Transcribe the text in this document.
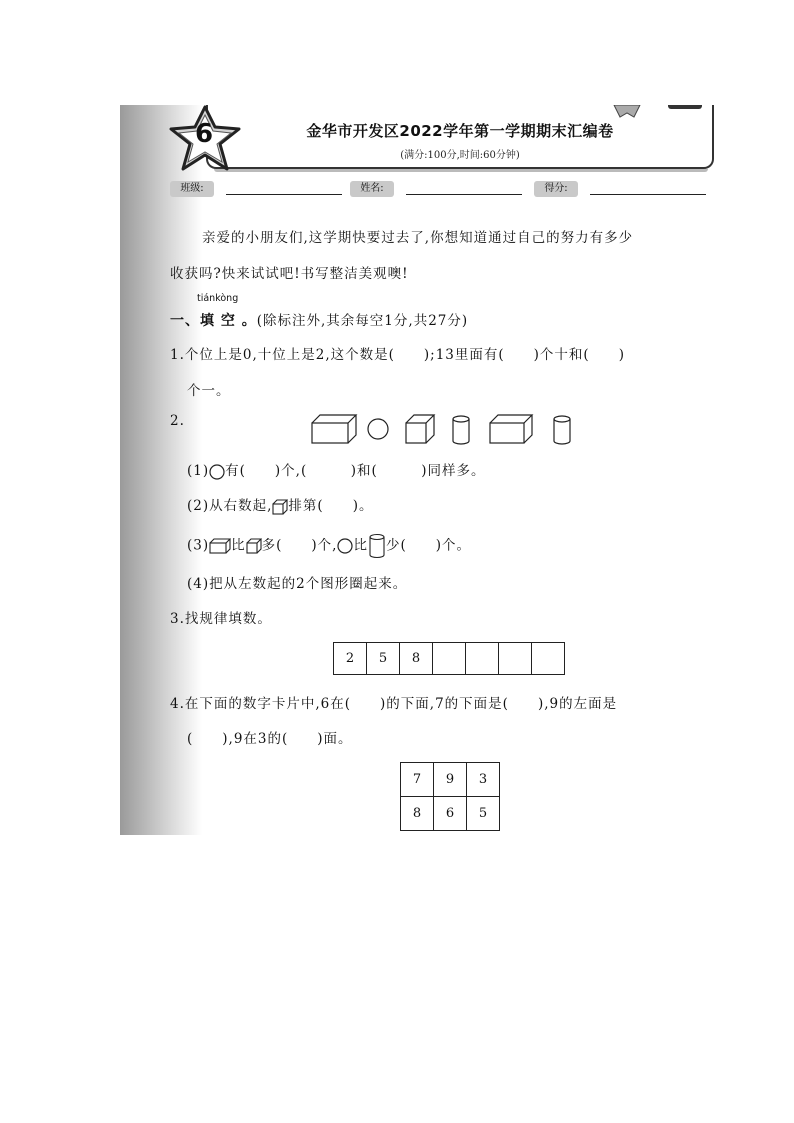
6	金华市开发区2022学年第一学期期末汇编卷
(满分:100分,时间:60分钟)
班级:	姓名:	得分:
亲爱的小朋友们,这学期快要过去了,你想知道通过自己的努力有多少
收获吗?快来试试吧!书写整洁美观噢!
tiánkòng
一、填 空 。(除标注外,其余每空1分,共27分)
1.个位上是0,十位上是2,这个数是(　　);13里面有(　　)个十和(　　)
个一。
2.
(1) 有(　　)个,(　　　)和(　　　)同样多。
(2)从右数起, 排第(　　)。
(3) 比 多(　　)个, 比 少(　　)个。
(4)把从左数起的2个图形圈起来。
3.找规律填数。
2	5	8				
4.在下面的数字卡片中,6在(　　)的下面,7的下面是(　　),9的左面是
(　　),9在3的(　　)面。
7	9	3
8	6	5
